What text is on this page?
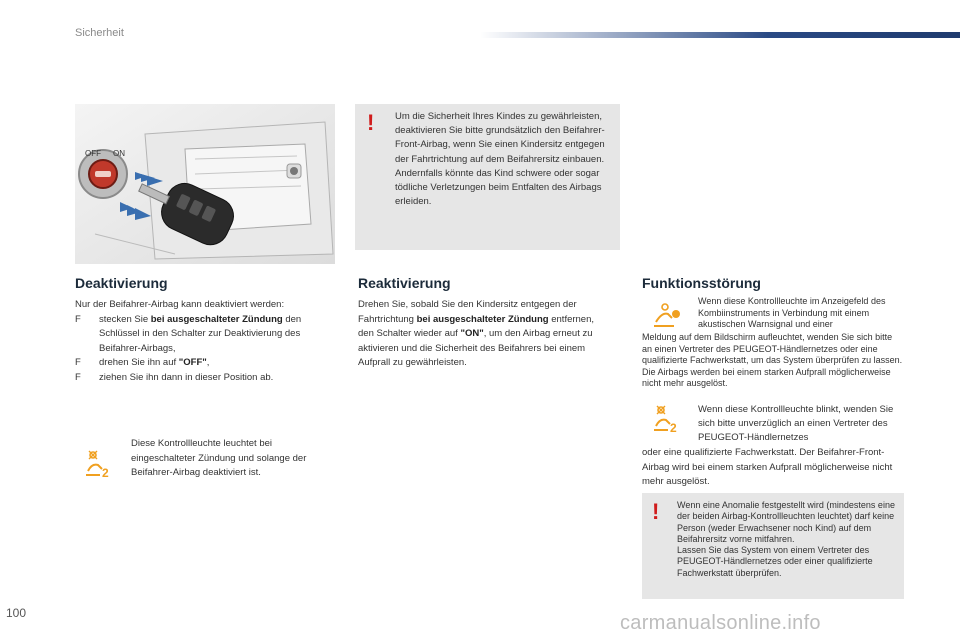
Sicherheit
OFF ON
! Um die Sicherheit Ihres Kindes zu gewährleisten, deaktivieren Sie bitte grundsätzlich den Beifahrer-Front-Airbag, wenn Sie einen Kindersitz entgegen der Fahrtrichtung auf dem Beifahrersitz einbauen. Andernfalls könnte das Kind schwere oder sogar tödliche Verletzungen beim Entfalten des Airbags erleiden.
Deaktivierung

Nur der Beifahrer-Airbag kann deaktiviert werden:

F stecken Sie bei ausgeschalteter Zündung den Schlüssel in den Schalter zur Deaktivierung des Beifahrer-Airbags,
F drehen Sie ihn auf "OFF",
F ziehen Sie ihn dann in dieser Position ab.
2
Diese Kontrollleuchte leuchtet bei eingeschalteter Zündung und solange der Beifahrer-Airbag deaktiviert ist.
Reaktivierung

Drehen Sie, sobald Sie den Kindersitz entgegen der Fahrtrichtung bei ausgeschalteter Zündung entfernen, den Schalter wieder auf "ON", um den Airbag erneut zu aktivieren und die Sicherheit des Beifahrers bei einem Aufprall zu gewährleisten.

Funktionsstörung
Wenn diese Kontrollleuchte im Anzeigefeld des Kombiinstruments in Verbindung mit einem akustischen Warnsignal und einer
Meldung auf dem Bildschirm aufleuchtet, wenden Sie sich bitte an einen Vertreter des PEUGEOT-Händlernetzes oder eine qualifizierte Fachwerkstatt, um das System überprüfen zu lassen. Die Airbags werden bei einem starken Aufprall möglicherweise nicht mehr ausgelöst.
2
Wenn diese Kontrollleuchte blinkt, wenden Sie sich bitte unverzüglich an einen Vertreter des PEUGEOT-Händlernetzes
oder eine qualifizierte Fachwerkstatt. Der Beifahrer-Front-Airbag wird bei einem starken Aufprall möglicherweise nicht mehr ausgelöst.
! Wenn eine Anomalie festgestellt wird (mindestens eine der beiden Airbag-Kontrollleuchten leuchtet) darf keine Person (weder Erwachsener noch Kind) auf dem Beifahrersitz vorne mitfahren.
Lassen Sie das System von einem Vertreter des PEUGEOT-Händlernetzes oder einer qualifizierte Fachwerkstatt überprüfen.
100	carmanualsonline.info
